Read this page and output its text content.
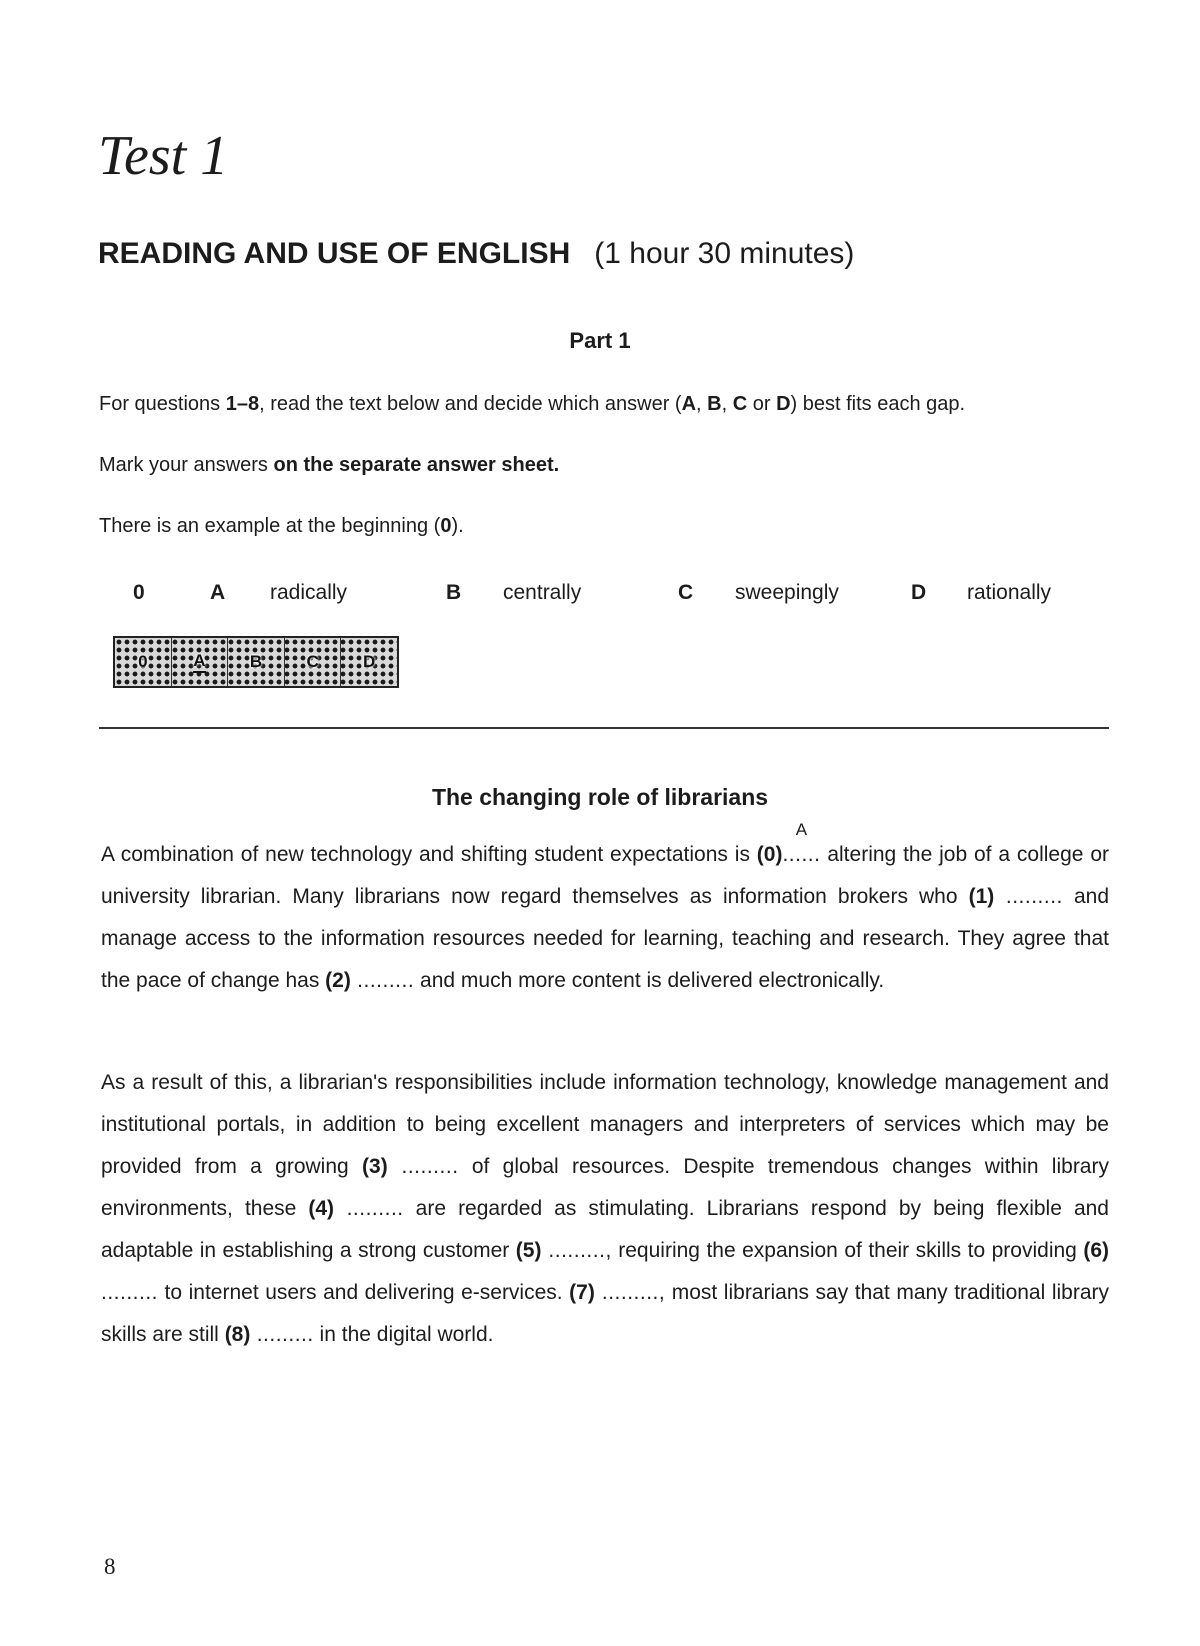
Test 1
READING AND USE OF ENGLISH (1 hour 30 minutes)

Part 1

For questions 1–8, read the text below and decide which answer (A, B, C or D) best fits each gap.

Mark your answers on the separate answer sheet.

There is an example at the beginning (0).

0	A radically	B centrally	C sweepingly	D rationally
0	A	B	C	D

The changing role of librarians

A combination of new technology and shifting student expectations is (0)......
A
altering the job of a college or university librarian. Many librarians now regard themselves as information brokers who (1) ......... and manage access to the information resources needed for learning, teaching and research. They agree that the pace of change has (2) ......... and much more content is delivered electronically.

As a result of this, a librarian's responsibilities include information technology, knowledge management and institutional portals, in addition to being excellent managers and interpreters of services which may be provided from a growing (3) ......... of global resources. Despite tremendous changes within library environments, these (4) ......... are regarded as stimulating. Librarians respond by being flexible and adaptable in establishing a strong customer (5) ........., requiring the expansion of their skills to providing (6) ......... to internet users and delivering e-services. (7) ........., most librarians say that many traditional library skills are still (8) ......... in the digital world.

8
